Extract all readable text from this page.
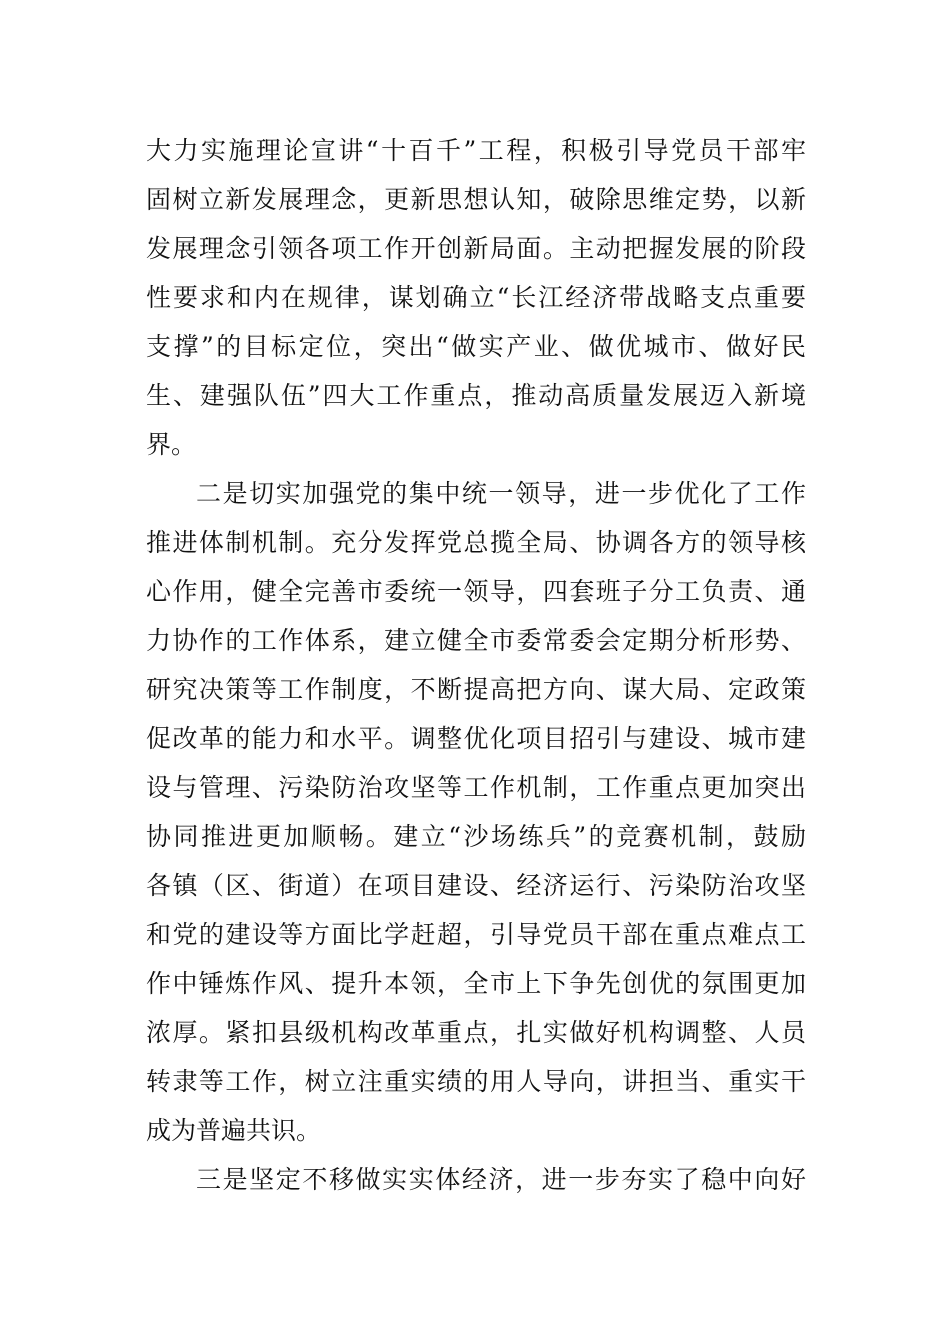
大力实施理论宣讲“十百千”工程，积极引导党员干部牢
固树立新发展理念，更新思想认知，破除思维定势，以新
发展理念引领各项工作开创新局面。主动把握发展的阶段
性要求和内在规律，谋划确立“长江经济带战略支点重要
支撑”的目标定位，突出“做实产业、做优城市、做好民
生、建强队伍”四大工作重点，推动高质量发展迈入新境
界。
二是切实加强党的集中统一领导，进一步优化了工作
推进体制机制。充分发挥党总揽全局、协调各方的领导核
心作用，健全完善市委统一领导，四套班子分工负责、通
力协作的工作体系，建立健全市委常委会定期分析形势、
研究决策等工作制度，不断提高把方向、谋大局、定政策
促改革的能力和水平。调整优化项目招引与建设、城市建
设与管理、污染防治攻坚等工作机制，工作重点更加突出
协同推进更加顺畅。建立“沙场练兵”的竞赛机制，鼓励
各镇（区、街道）在项目建设、经济运行、污染防治攻坚
和党的建设等方面比学赶超，引导党员干部在重点难点工
作中锤炼作风、提升本领，全市上下争先创优的氛围更加
浓厚。紧扣县级机构改革重点，扎实做好机构调整、人员
转隶等工作，树立注重实绩的用人导向，讲担当、重实干
成为普遍共识。
三是坚定不移做实实体经济，进一步夯实了稳中向好
